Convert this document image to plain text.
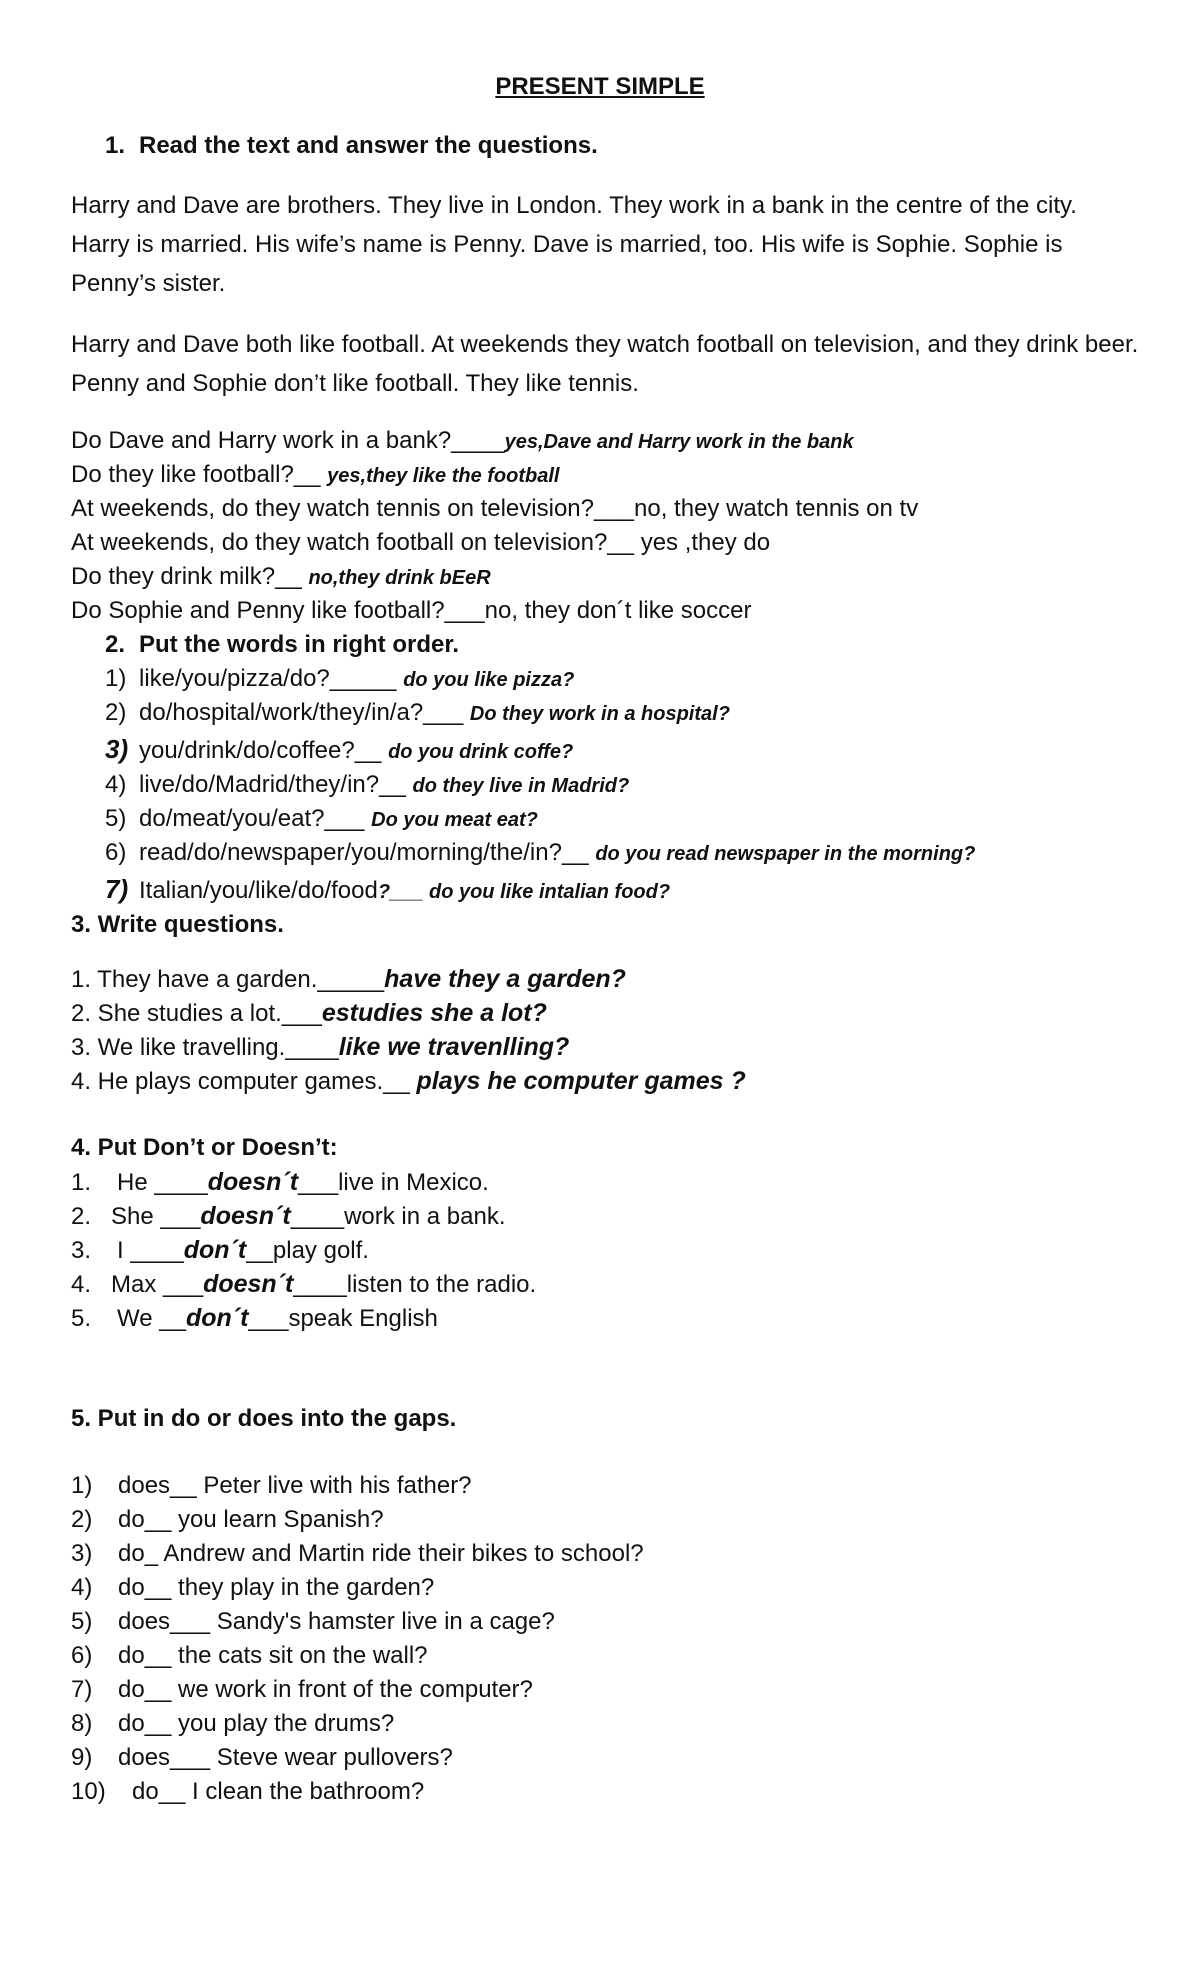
PRESENT SIMPLE
1. Read the text and answer the questions.
Harry and Dave are brothers. They live in London. They work in a bank in the centre of the city. Harry is married. His wife’s name is Penny. Dave is married, too. His wife is Sophie. Sophie is Penny’s sister.
Harry and Dave both like football. At weekends they watch football on television, and they drink beer. Penny and Sophie don’t like football. They like tennis.
Do Dave and Harry work in a bank?____yes,Dave and Harry work in the bank
Do they like football?__ yes,they like the football
At weekends, do they watch tennis on television?___no, they watch tennis on tv
At weekends, do they watch football on television?__ yes ,they do
Do they drink milk?__ no,they drink bEeR
Do Sophie and Penny like football?___no, they don´t like soccer
2. Put the words in right order.
1) like/you/pizza/do?_____ do you like pizza?
2) do/hospital/work/they/in/a?___ Do they work in a hospital?
3) you/drink/do/coffee?__ do you drink coffe?
4) live/do/Madrid/they/in?__ do they live in Madrid?
5) do/meat/you/eat?___ Do you meat eat?
6) read/do/newspaper/you/morning/the/in?__ do you read newspaper in the morning?
7) Italian/you/like/do/food?___ do you like intalian food?
3. Write questions.
1. They have a garden._____have they a garden?
2. She studies a lot.___estudies she a lot?
3. We like travelling.____like we travenlling?
4. He plays computer games.__ plays he computer games ?
4. Put Don’t or Doesn’t:
1. He ____doesn´t___live in Mexico.
2. She ___doesn´t____work in a bank.
3. I ____don´t__play golf.
4. Max ___doesn´t____listen to the radio.
5. We __don´t___speak English
5. Put in do or does into the gaps.
1) does__ Peter live with his father?
2) do__ you learn Spanish?
3) do_ Andrew and Martin ride their bikes to school?
4) do__ they play in the garden?
5) does___ Sandy's hamster live in a cage?
6) do__ the cats sit on the wall?
7) do__ we work in front of the computer?
8) do__ you play the drums?
9) does___ Steve wear pullovers?
10) do__ I clean the bathroom?
